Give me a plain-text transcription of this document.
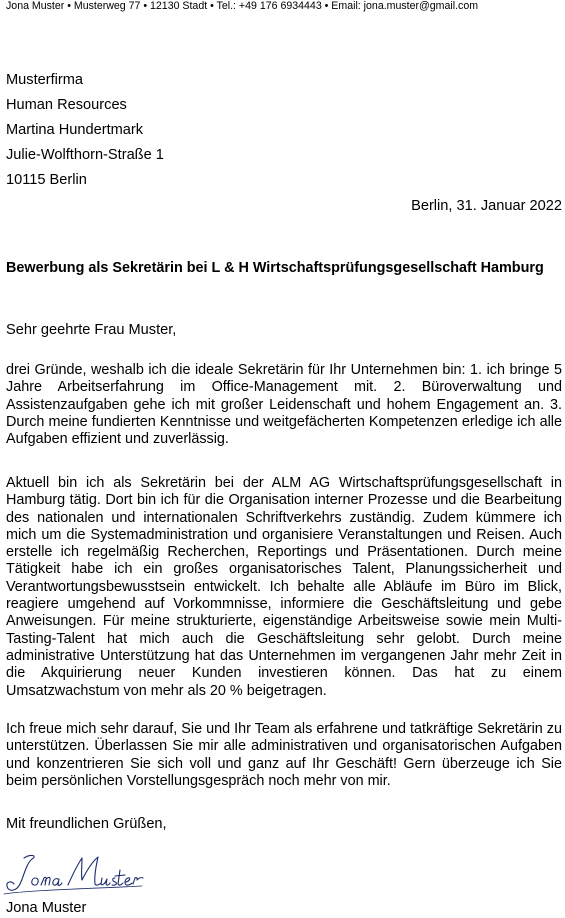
Jona Muster • Musterweg 77 • 12130 Stadt • Tel.: +49 176 6934443 • Email: jona.muster@gmail.com
Musterfirma
Human Resources
Martina Hundertmark
Julie-Wolfthorn-Straße 1
10115 Berlin
Berlin, 31. Januar 2022
Bewerbung als Sekretärin bei L & H Wirtschaftsprüfungsgesellschaft Hamburg
Sehr geehrte Frau Muster,
drei Gründe, weshalb ich die ideale Sekretärin für Ihr Unternehmen bin: 1. ich bringe 5 Jahre Arbeitserfahrung im Office-Management mit. 2. Büroverwaltung und Assistenzaufgaben gehe ich mit großer Leidenschaft und hohem Engagement an. 3. Durch meine fundierten Kenntnisse und weitgefächerten Kompetenzen erledige ich alle Aufgaben effizient und zuverlässig.
Aktuell bin ich als Sekretärin bei der ALM AG Wirtschaftsprüfungsgesellschaft in Hamburg tätig. Dort bin ich für die Organisation interner Prozesse und die Bearbeitung des nationalen und internationalen Schriftverkehrs zuständig. Zudem kümmere ich mich um die Systemadministration und organisiere Veranstaltungen und Reisen. Auch erstelle ich regelmäßig Recherchen, Reportings und Präsentationen. Durch meine Tätigkeit habe ich ein großes organisatorisches Talent, Planungssicherheit und Verantwortungsbewusstsein entwickelt. Ich behalte alle Abläufe im Büro im Blick, reagiere umgehend auf Vorkommnisse, informiere die Geschäftsleitung und gebe Anweisungen. Für meine strukturierte, eigenständige Arbeitsweise sowie mein Multi-Tasting-Talent hat mich auch die Geschäftsleitung sehr gelobt. Durch meine administrative Unterstützung hat das Unternehmen im vergangenen Jahr mehr Zeit in die Akquirierung neuer Kunden investieren können. Das hat zu einem Umsatzwachstum von mehr als 20 % beigetragen.
Ich freue mich sehr darauf, Sie und Ihr Team als erfahrene und tatkräftige Sekretärin zu unterstützen. Überlassen Sie mir alle administrativen und organisatorischen Aufgaben und konzentrieren Sie sich voll und ganz auf Ihr Geschäft! Gern überzeuge ich Sie beim persönlichen Vorstellungsgespräch noch mehr von mir.
Mit freundlichen Grüßen,
Jona Muster
